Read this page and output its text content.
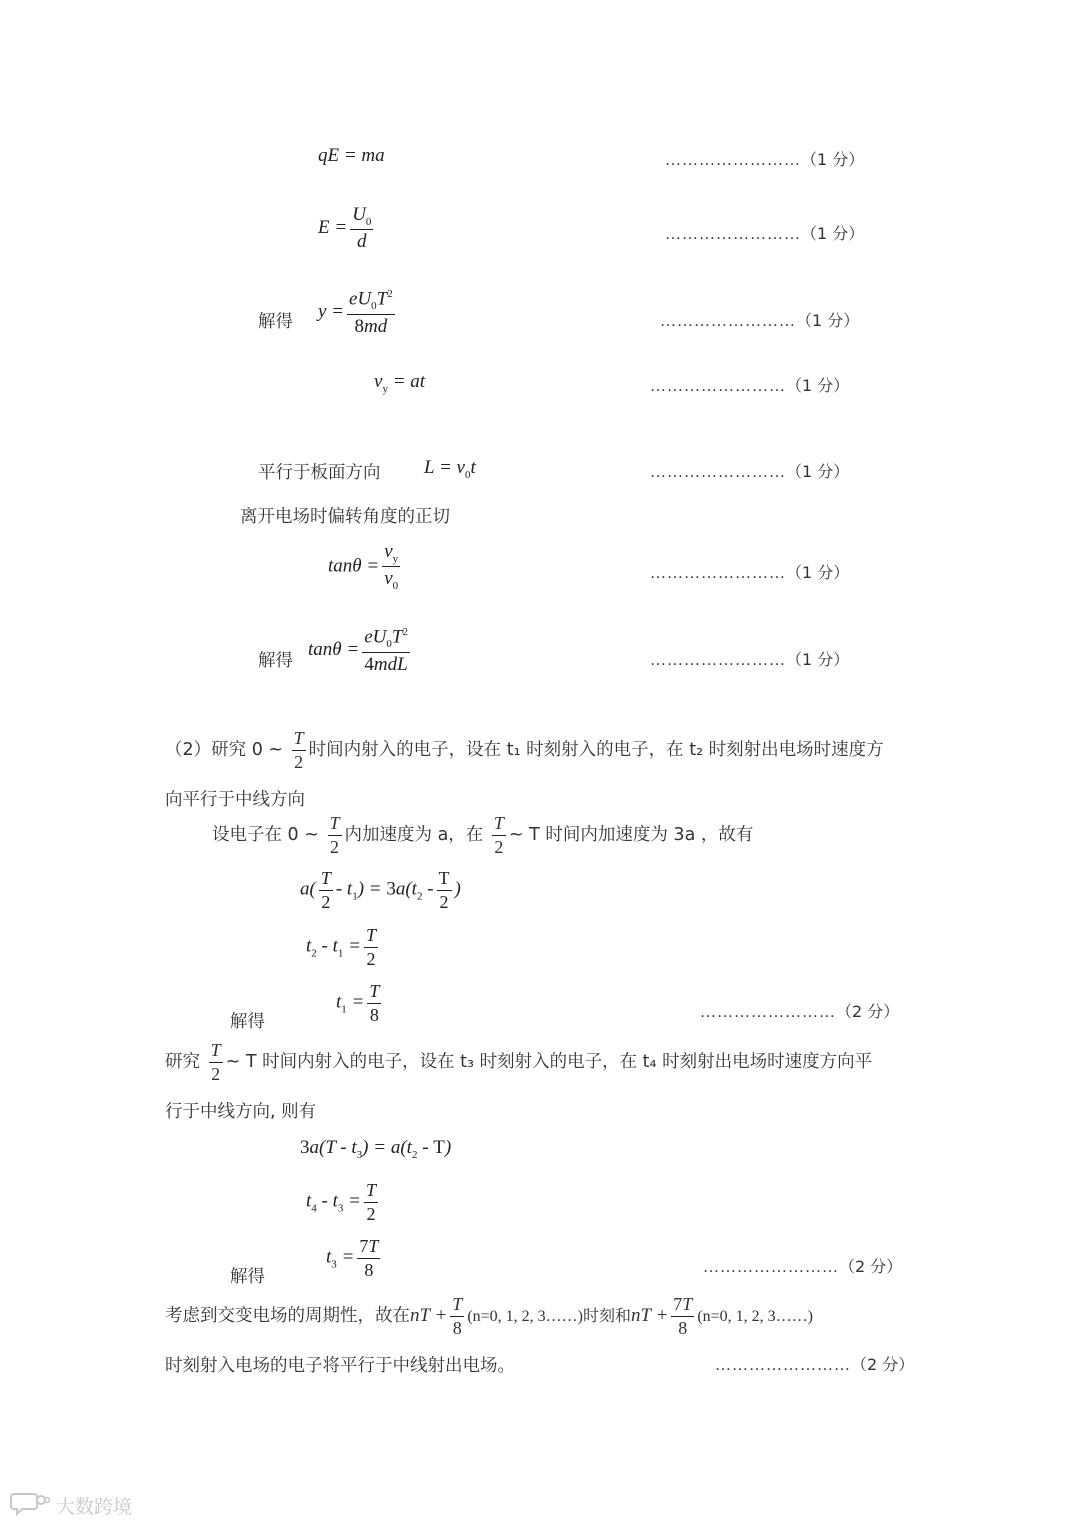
qE = ma	……………………（1 分）
$E = \frac{U_0}{d}$	……………………（1 分）
解得 $y = \frac{eU_0T^2}{8md}$	……………………（1 分）
$v_y$ = at	……………………（1 分）
平行于板面方向 $L = v_0t$	……………………（1 分）
离开电场时偏转角度的正切
$\tan\theta = \frac{v_y}{v_0}$	……………………（1 分）
解得
$\tan\theta = \frac{eU_0T^2}{\text{4mdL}}$	……………………（1 分）
（2）研究 0 ~ $\frac{T}{2}$ 时间内射入的电子，设在 t₁ 时刻射入的电子，在 t₂ 时刻射出电场时速度方
向平行于中线方向
设电子在 0 ~ $\frac{T}{2}$ 内加速度为 a，在 $\frac{T}{2}$ ~ T 时间内加速度为 3a ，故有
$a( \frac{T}{2} - t_1) = 3a(t_2 - \frac{T}{2}$ )
$t_2 - t_1 = \frac{T}{2}$
解得
$t_1 = \frac{T}{8}$	……………………（2 分）
研究 $\frac{T}{2}$ ~ T 时间内射入的电子，设在 t₃ 时刻射入的电子，在 t₄ 时刻射出电场时速度方向平
行于中线方向, 则有
$3a(T - t_3) = a(t_2 - T)$
$t_4 - t_3 = \frac{T}{2}$
解得
$t_3 = \frac{7T}{8}$	……………………（2 分）
考虑到交变电场的周期性，故在nT + $\frac{T}{8} (n=0$, 1, 2, 3……)时刻和nT + $\frac{7T}{8} (n=0$, 1, 2, 3……)
时刻射入电场的电子将平行于中线射出电场。	……………………（2 分）
大数跨境
